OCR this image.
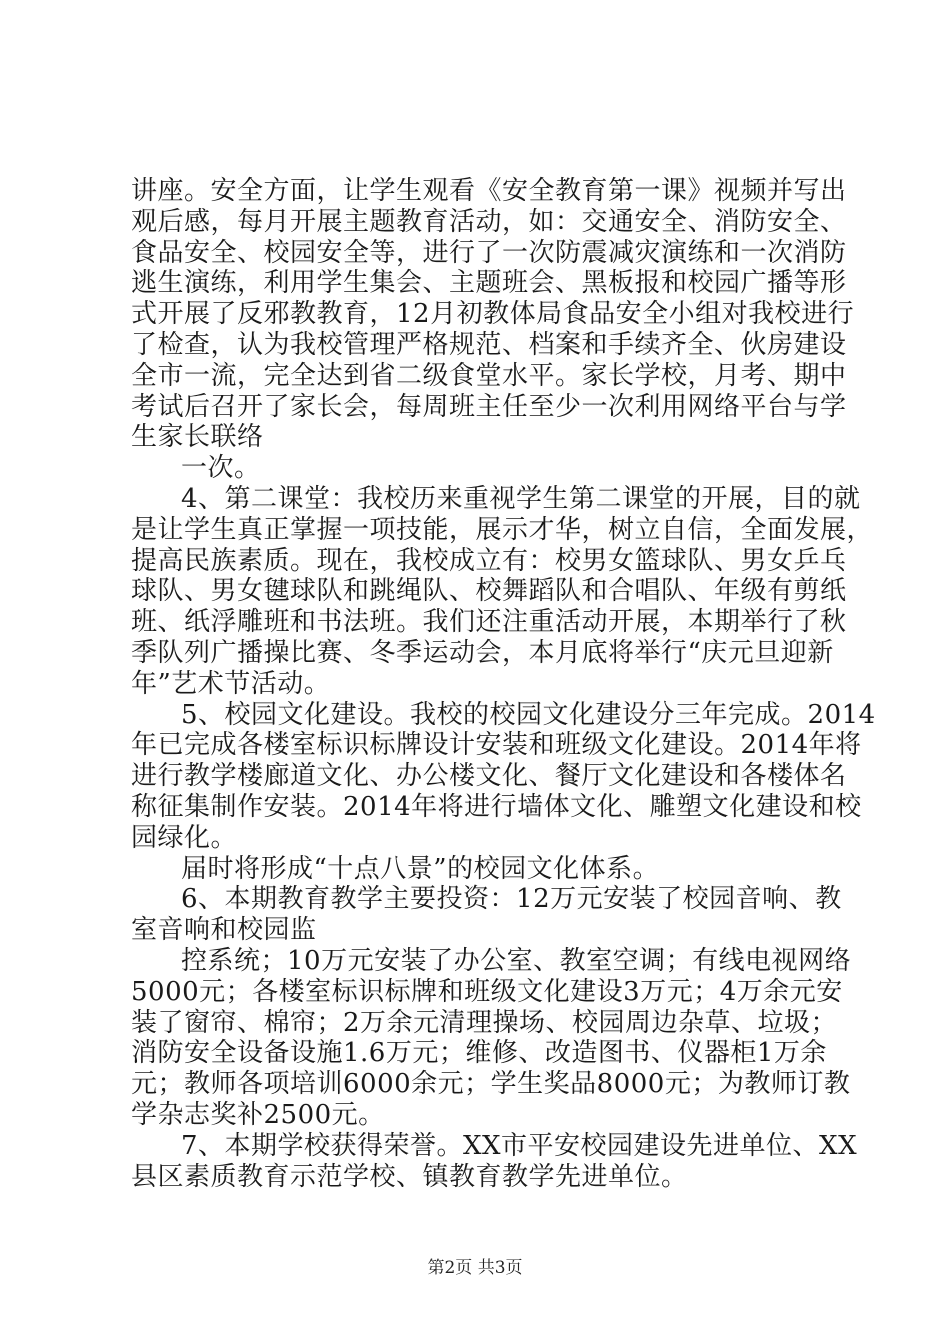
讲座。安全方面，让学生观看《安全教育第一课》视频并写出
观后感，每月开展主题教育活动，如：交通安全、消防安全、
食品安全、校园安全等，进行了一次防震减灾演练和一次消防
逃生演练，利用学生集会、主题班会、黑板报和校园广播等形
式开展了反邪教教育，12月初教体局食品安全小组对我校进行
了检查，认为我校管理严格规范、档案和手续齐全、伙房建设
全市一流，完全达到省二级食堂水平。家长学校，月考、期中
考试后召开了家长会，每周班主任至少一次利用网络平台与学
生家长联络
一次。
4、第二课堂：我校历来重视学生第二课堂的开展，目的就
是让学生真正掌握一项技能，展示才华，树立自信，全面发展，
提高民族素质。现在，我校成立有：校男女篮球队、男女乒乓
球队、男女毽球队和跳绳队、校舞蹈队和合唱队、年级有剪纸
班、纸浮雕班和书法班。我们还注重活动开展，本期举行了秋
季队列广播操比赛、冬季运动会，本月底将举行“庆元旦迎新
年”艺术节活动。
5、校园文化建设。我校的校园文化建设分三年完成。2014
年已完成各楼室标识标牌设计安装和班级文化建设。2014年将
进行教学楼廊道文化、办公楼文化、餐厅文化建设和各楼体名
称征集制作安装。2014年将进行墙体文化、雕塑文化建设和校
园绿化。
届时将形成“十点八景”的校园文化体系。
6、本期教育教学主要投资：12万元安装了校园音响、教
室音响和校园监
控系统；10万元安装了办公室、教室空调；有线电视网络
5000元；各楼室标识标牌和班级文化建设3万元；4万余元安
装了窗帘、棉帘；2万余元清理操场、校园周边杂草、垃圾；
消防安全设备设施1.6万元；维修、改造图书、仪器柜1万余
元；教师各项培训6000余元；学生奖品8000元；为教师订教
学杂志奖补2500元。
7、本期学校获得荣誉。XX市平安校园建设先进单位、XX
县区素质教育示范学校、镇教育教学先进单位。
第2页 共3页
